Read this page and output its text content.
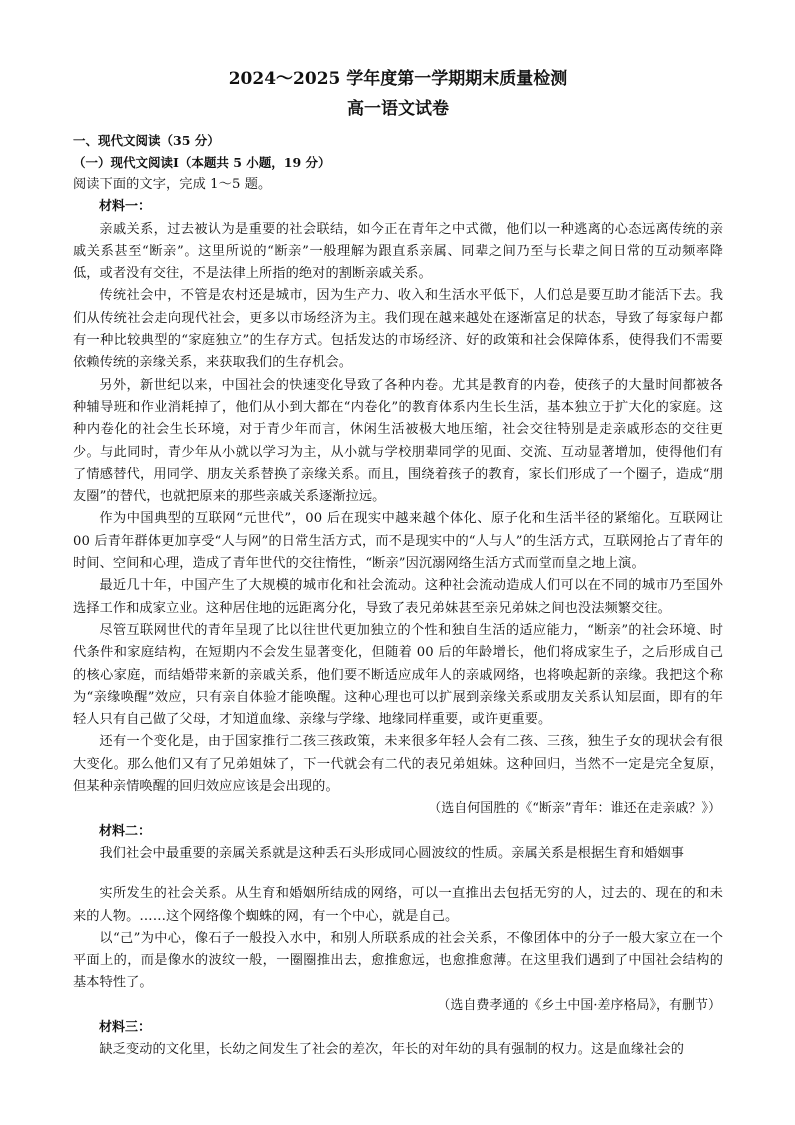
2024～2025 学年度第一学期期末质量检测
高一语文试卷

一、现代文阅读（35 分）

（一）现代文阅读Ⅰ（本题共 5 小题，19 分）

阅读下面的文字，完成 1～5 题。

材料一：

亲戚关系，过去被认为是重要的社会联结，如今正在青年之中式微，他们以一种逃离的心态远离传统的亲戚关系甚至“断亲”。这里所说的“断亲”一般理解为跟直系亲属、同辈之间乃至与长辈之间日常的互动频率降低，或者没有交往，不是法律上所指的绝对的割断亲戚关系。

传统社会中，不管是农村还是城市，因为生产力、收入和生活水平低下，人们总是要互助才能活下去。我们从传统社会走向现代社会，更多以市场经济为主。我们现在越来越处在逐渐富足的状态，导致了每家每户都有一种比较典型的“家庭独立”的生存方式。包括发达的市场经济、好的政策和社会保障体系，使得我们不需要依赖传统的亲缘关系，来获取我们的生存机会。

另外，新世纪以来，中国社会的快速变化导致了各种内卷。尤其是教育的内卷，使孩子的大量时间都被各种辅导班和作业消耗掉了，他们从小到大都在“内卷化”的教育体系内生长生活，基本独立于扩大化的家庭。这种内卷化的社会生长环境，对于青少年而言，休闲生活被极大地压缩，社会交往特别是走亲戚形态的交往更少。与此同时，青少年从小就以学习为主，从小就与学校朋辈同学的见面、交流、互动显著增加，使得他们有了情感替代，用同学、朋友关系替换了亲缘关系。而且，围绕着孩子的教育，家长们形成了一个圈子，造成“朋友圈”的替代，也就把原来的那些亲戚关系逐渐拉远。

作为中国典型的互联网“元世代”，00 后在现实中越来越个体化、原子化和生活半径的紧缩化。互联网让 00 后青年群体更加享受“人与网”的日常生活方式，而不是现实中的“人与人”的生活方式，互联网抢占了青年的时间、空间和心理，造成了青年世代的交往惰性，“断亲”因沉溺网络生活方式而堂而皇之地上演。

最近几十年，中国产生了大规模的城市化和社会流动。这种社会流动造成人们可以在不同的城市乃至国外选择工作和成家立业。这种居住地的远距离分化，导致了表兄弟妹甚至亲兄弟妹之间也没法频繁交往。

尽管互联网世代的青年呈现了比以往世代更加独立的个性和独自生活的适应能力，“断亲”的社会环境、时代条件和家庭结构，在短期内不会发生显著变化，但随着 00 后的年龄增长，他们将成家生子，之后形成自己的核心家庭，而结婚带来新的亲戚关系，他们要不断适应成年人的亲戚网络，也将唤起新的亲缘。我把这个称为“亲缘唤醒”效应，只有亲自体验才能唤醒。这种心理也可以扩展到亲缘关系或朋友关系认知层面，即有的年轻人只有自己做了父母，才知道血缘、亲缘与学缘、地缘同样重要，或许更重要。

还有一个变化是，由于国家推行二孩三孩政策，未来很多年轻人会有二孩、三孩，独生子女的现状会有很大变化。那么他们又有了兄弟姐妹了，下一代就会有二代的表兄弟姐妹。这种回归，当然不一定是完全复原，但某种亲情唤醒的回归效应应该是会出现的。

（选自何国胜的《“断亲”青年：谁还在走亲戚？》）

材料二：

我们社会中最重要的亲属关系就是这种丢石头形成同心圆波纹的性质。亲属关系是根据生育和婚姻事

实所发生的社会关系。从生育和婚姻所结成的网络，可以一直推出去包括无穷的人，过去的、现在的和未来的人物。……这个网络像个蜘蛛的网，有一个中心，就是自己。

以“己”为中心，像石子一般投入水中，和别人所联系成的社会关系，不像团体中的分子一般大家立在一个平面上的，而是像水的波纹一般，一圈圈推出去，愈推愈远，也愈推愈薄。在这里我们遇到了中国社会结构的基本特性了。

（选自费孝通的《乡土中国·差序格局》，有删节）

材料三：

缺乏变动的文化里，长幼之间发生了社会的差次，年长的对年幼的具有强制的权力。这是血缘社会的
